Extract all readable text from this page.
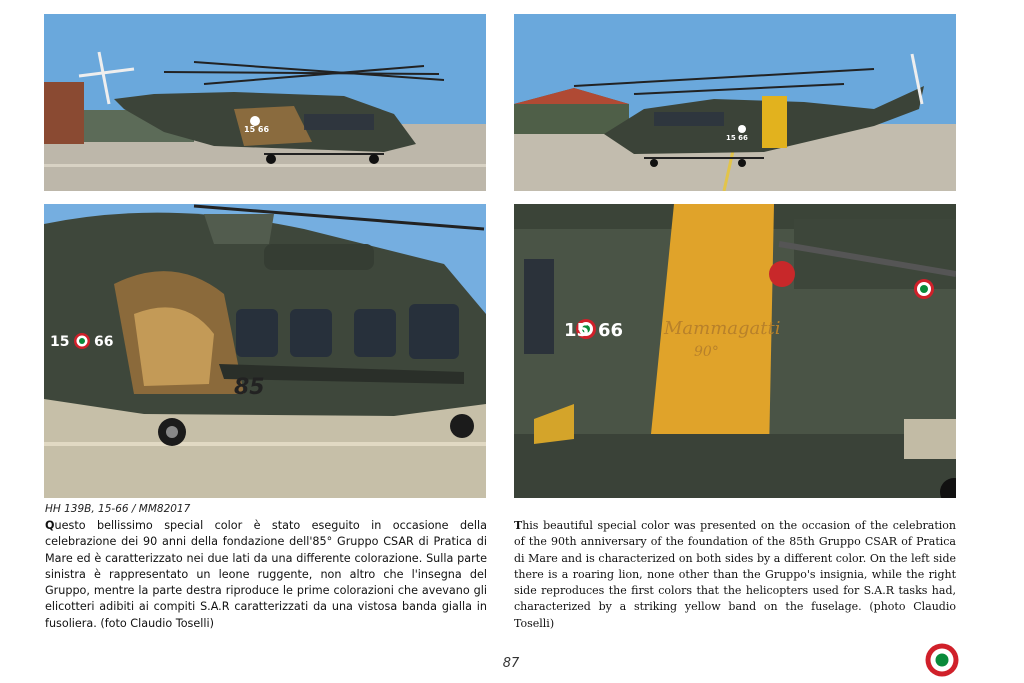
15 66
15 66
15 66
85
15 66 Mammagatti
90°
HH 139B, 15-66 / MM82017

Questo bellissimo special color è stato eseguito in occasione della celebrazione dei 90 anni della fondazione dell'85° Gruppo CSAR di Pratica di Mare ed è caratterizzato nei due lati da una differente colorazione. Sulla parte sinistra è rappresentato un leone ruggente, non altro che l'insegna del Gruppo, mentre la parte destra riproduce le prime colorazioni che avevano gli elicotteri adibiti ai compiti S.A.R caratterizzati da una vistosa banda gialla in fusoliera. (foto Claudio Toselli)

This beautiful special color was presented on the occasion of the celebration of the 90th anniversary of the foundation of the 85th Gruppo CSAR of Pratica di Mare and is characterized on both sides by a different color. On the left side there is a roaring lion, none other than the Gruppo's insignia, while the right side reproduces the first colors that the helicopters used for S.A.R tasks had, characterized by a striking yellow band on the fuselage. (photo Claudio Toselli)

87
